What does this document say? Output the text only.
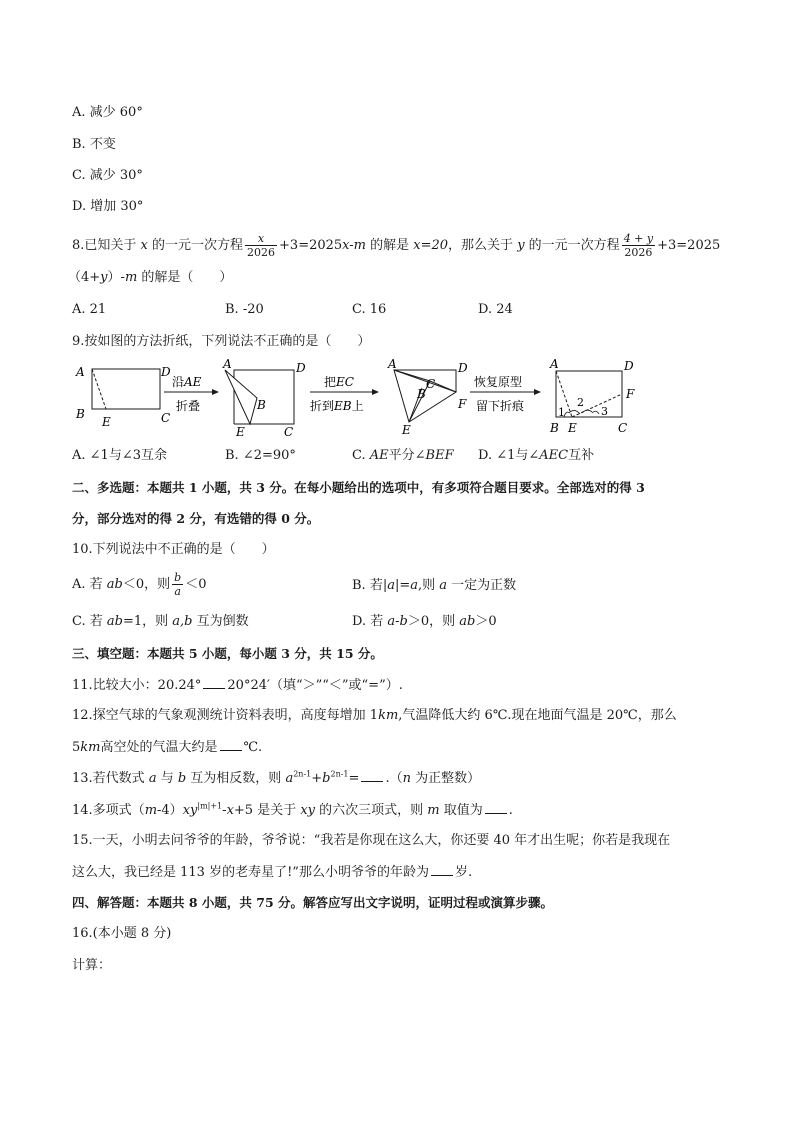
A. 减少 60°
B. 不变
C. 减少 30°
D. 增加 30°
8.已知关于 x 的一元一次方程 $\frac{x}{2026} +3=2025x-m$ 的解是 x=20，那么关于 y 的一元一次方程 $\frac{4 + y}{2026} +3=2025$
（4+y）-m 的解是（　　）
A. 21	B. -20	C. 16	D. 24
9.按如图的方法折纸，下列说法不正确的是（　　）
A
B
E
D
C
沿AE
折叠
A	D
B
E	C
把EC
折到EB上
A	D
C
B
F
E
恢复原型
留下折痕
A	D
F
B E	C
1
2
3
A. ∠1与∠3互余	B. ∠2=90°	C. AE平分∠BEF D. ∠1与∠AEC互补
二、多选题：本题共 1 小题，共 3 分。在每小题给出的选项中，有多项符合题目要求。全部选对的得 3
分，部分选对的得 2 分，有选错的得 0 分。
10.下列说法中不正确的是（　　）
A. 若 ab＜0，则 $\frac{b}{a} <0$	B. 若|a|=a,则 a 一定为正数
C. 若 ab=1，则 a,b 互为倒数	D. 若 a-b＞0，则 ab＞0
三、填空题：本题共 5 小题，每小题 3 分，共 15 分。
11.比较大小：20.24° 20°24′（填“＞”“＜”或“=”）.
12.探空气球的气象观测统计资料表明，高度每增加 1km,气温降低大约 6℃.现在地面气温是 20℃，那么
5km高空处的气温大约是 ℃.
13.若代数式 a 与 b 互为相反数，则 $a^{2n-1}+b^{2n-1}= .(n$ 为正整数）
14.多项式$(m-4)xy^{|m|+1}-x+5$ 是关于 xy 的六次三项式，则 m 取值为 .
15.一天，小明去问爷爷的年龄，爷爷说：“我若是你现在这么大，你还要 40 年才出生呢；你若是我现在
这么大，我已经是 113 岁的老寿星了!”那么小明爷爷的年龄为 岁.
四、解答题：本题共 8 小题，共 75 分。解答应写出文字说明，证明过程或演算步骤。
16.(本小题 8 分)
计算：
